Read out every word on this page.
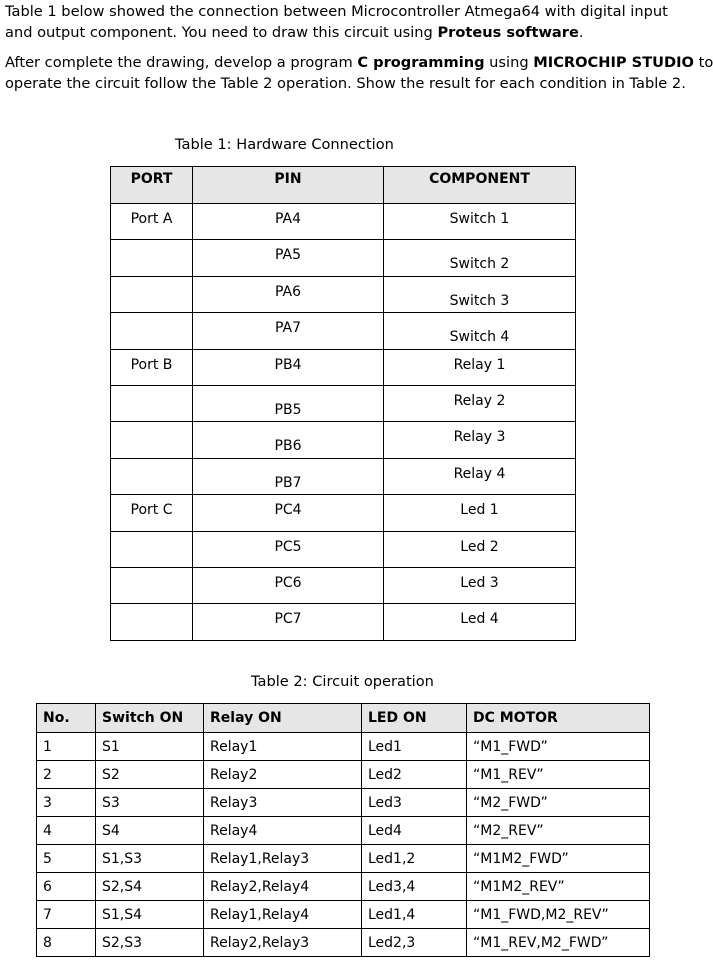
Table 1 below showed the connection between Microcontroller Atmega64 with digital input
and output component. You need to draw this circuit using Proteus software.

After complete the drawing, develop a program C programming using MICROCHIP STUDIO to
operate the circuit follow the Table 2 operation. Show the result for each condition in Table 2.

Table 1: Hardware Connection
PORT	PIN	COMPONENT
Port A	PA4	Switch 1
	PA5	Switch 2
	PA6	Switch 3
	PA7	Switch 4
Port B	PB4	Relay 1
	PB5	Relay 2
	PB6	Relay 3
	PB7	Relay 4
Port C	PC4	Led 1
	PC5	Led 2
	PC6	Led 3
	PC7	Led 4
Table 2: Circuit operation
No.	Switch ON	Relay ON	LED ON	DC MOTOR
1	S1	Relay1	Led1	“M1_FWD”
2	S2	Relay2	Led2	“M1_REV”
3	S3	Relay3	Led3	“M2_FWD”
4	S4	Relay4	Led4	“M2_REV”
5	S1,S3	Relay1,Relay3	Led1,2	“M1M2_FWD”
6	S2,S4	Relay2,Relay4	Led3,4	“M1M2_REV”
7	S1,S4	Relay1,Relay4	Led1,4	“M1_FWD,M2_REV”
8	S2,S3	Relay2,Relay3	Led2,3	“M1_REV,M2_FWD”
